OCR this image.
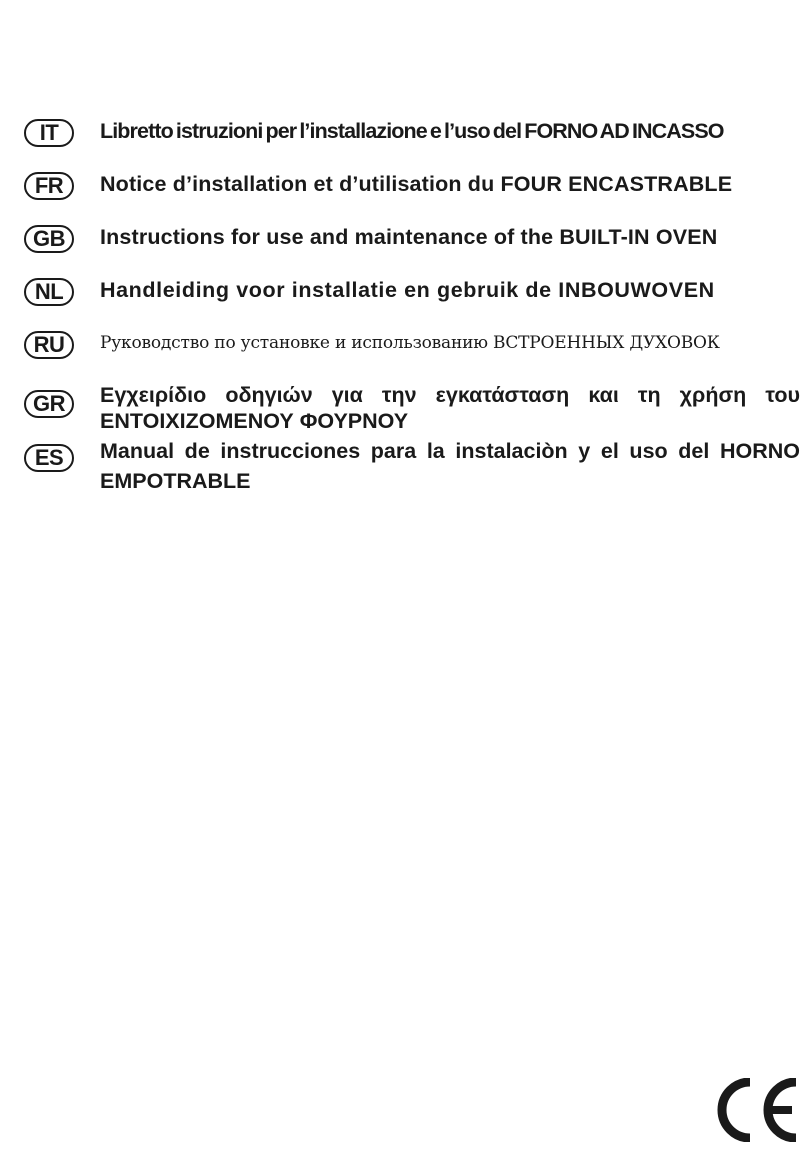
IT	Libretto istruzioni per l’installazione e l’uso del FORNO AD INCASSO
FR	Notice d’installation et d’utilisation du FOUR ENCASTRABLE
GB	Instructions for use and maintenance of the BUILT-IN OVEN
NL	Handleiding voor installatie en gebruik de INBOUWOVEN
RU	Руководство по установке и использованию ВСТРОЕННЫХ ДУХОВОК
GR	Εγχειρίδιο οδηγιών για την εγκατάσταση και τη χρήση του ΕΝΤΟΙΧΙΖΟΜΕΝΟΥ ΦΟΥΡΝΟΥ
ES	Manual de instrucciones para la instalaciòn y el uso del HORNO EMPOTRABLE
